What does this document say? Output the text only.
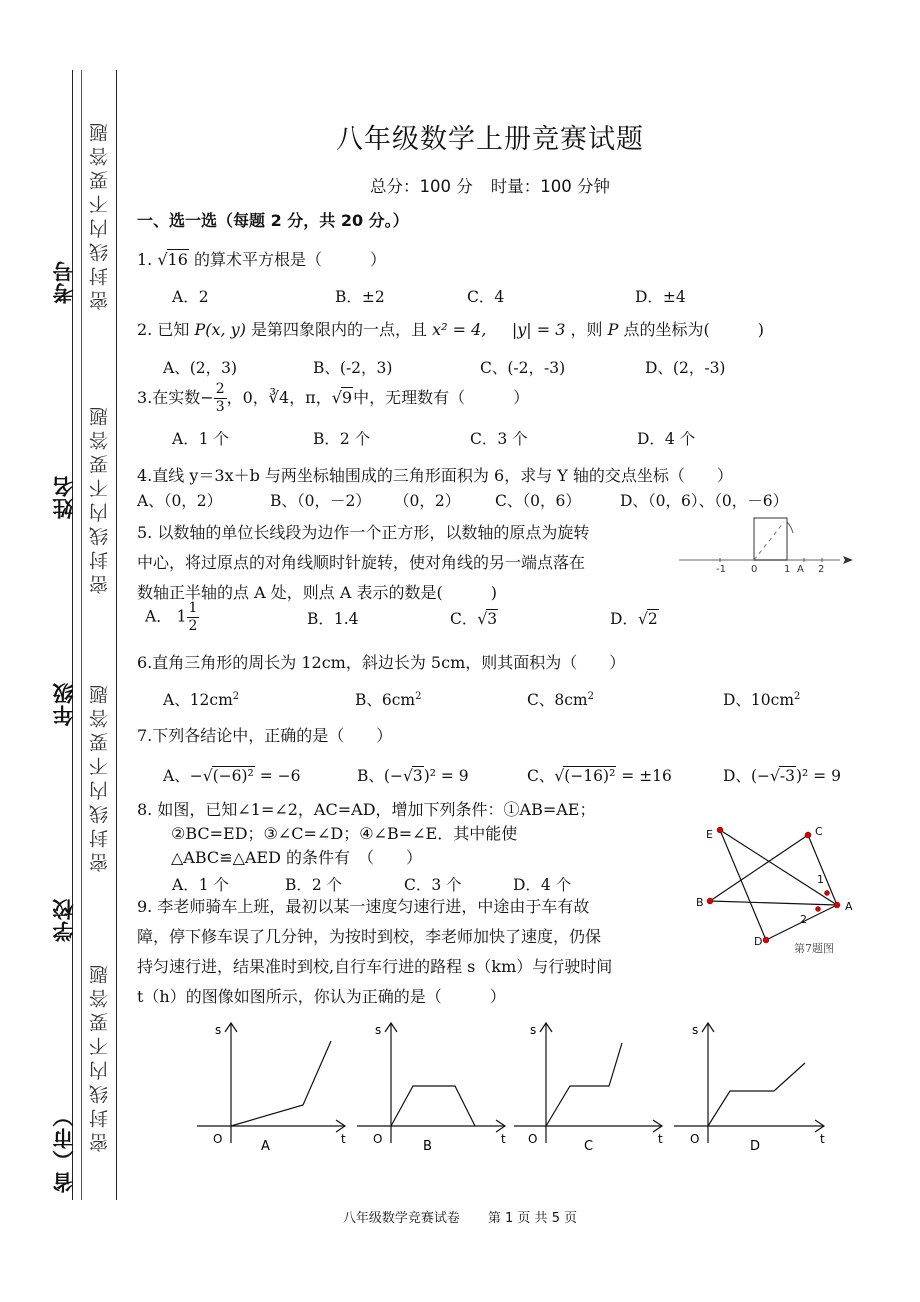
考号
姓名
年级
学校
省（市）
密封线内不要答题
密封线内不要答题
密封线内不要答题
密封线内不要答题
八年级数学上册竞赛试题
总分：100 分 时量：100 分钟
一、选一选（每题 2 分，共 20 分。）
1. √16 的算术平方根是（　　　）
A．2	B．±2	C．4	D．±4
2. 已知 P(x, y) 是第四象限内的一点，且 x² = 4, |y| = 3 ，则 P 点的坐标为(　　　)
A、(2，3)	B、(-2，3)	C、(-2，-3)	D、(2，-3)
3.在实数− $\frac{2}{3}$ ，0，∛4，π，√9中，无理数有（　　　）
A．1 个	B．2 个	C．3 个	D．4 个
4.直线 y＝3x＋b 与两坐标轴围成的三角形面积为 6，求与 Y 轴的交点坐标（　　）
A、（0，2）	B、（0，－2） （0，2） C、（0，6）	D、（0，6）、（0，－6）
5. 以数轴的单位长线段为边作一个正方形，以数轴的原点为旋转
中心，将过原点的对角线顺时针旋转，使对角线的另一端点落在
数轴正半轴的点 A 处，则点 A 表示的数是(　　　)
A． $1 \frac{1}{2}$	B．1.4	C．√3	D．√2
-1	0	1 A 2
6.直角三角形的周长为 12cm，斜边长为 5cm，则其面积为（　　）
A、$12cm^2$	B、$6cm^2$	C、$8cm^2$	D、$10cm^2$
7.下列各结论中，正确的是（　　）
A、−√(−6)² = −6	B、(−√3)² = 9	C、√(−16)² = ±16	D、(−√-3)² = 9
8. 如图，已知∠1=∠2，AC=AD，增加下列条件：①AB=AE；
②BC=ED；③∠C=∠D；④∠B=∠E．其中能使
△ABC≌△AED 的条件有　（　　）
A．1 个	B．2 个	C．3 个	D．4 个
E	C
B	A
D
1
2
第7题图
9. 李老师骑车上班，最初以某一速度匀速行进，中途由于车有故
障，停下修车误了几分钟，为按时到校，李老师加快了速度，仍保
持匀速行进，结果准时到校,自行车行进的路程 s（km）与行驶时间
t（h）的图像如图所示，你认为正确的是（　　　）
s
t
O	A
s
t
O	B
s
t
O	C
s
t
O	D
八年级数学竞赛试卷 第 1 页 共 5 页
